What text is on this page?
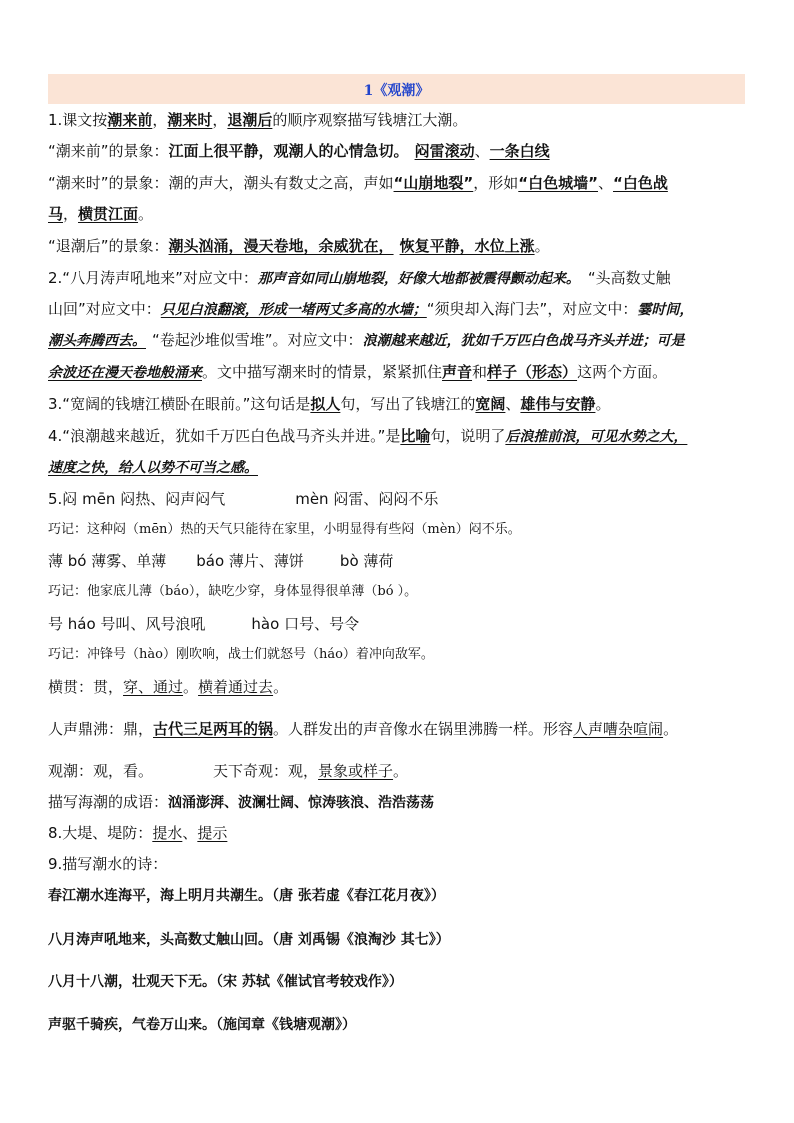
1《观潮》
1.课文按潮来前，潮来时，退潮后的顺序观察描写钱塘江大潮。
“潮来前”的景象：江面上很平静，观潮人的心情急切。 闷雷滚动、一条白线
“潮来时”的景象：潮的声大，潮头有数丈之高，声如“山崩地裂”，形如“白色城墙”、“白色战
马，横贯江面。
“退潮后”的景象：潮头汹涌，漫天卷地，余威犹在， 恢复平静，水位上涨。
2.“八月涛声吼地来”对应文中：那声音如同山崩地裂，好像大地都被震得颤动起来。 “头高数丈触
山回”对应文中：只见白浪翻滚，形成一堵两丈多高的水墙；“须臾却入海门去”，对应文中：霎时间，
潮头奔腾西去。 “卷起沙堆似雪堆”。对应文中：浪潮越来越近，犹如千万匹白色战马齐头并进；可是
余波还在漫天卷地般涌来。文中描写潮来时的情景，紧紧抓住声音和样子（形态）这两个方面。
3.“宽阔的钱塘江横卧在眼前。”这句话是拟人句，写出了钱塘江的宽阔、雄伟与安静。
4.“浪潮越来越近，犹如千万匹白色战马齐头并进。”是比喻句，说明了后浪推前浪，可见水势之大，
速度之快，给人以势不可当之感。
5.闷 mēn 闷热、闷声闷气	mèn 闷雷、闷闷不乐
巧记：这种闷（mēn）热的天气只能待在家里，小明显得有些闷（mèn）闷不乐。
薄 bó 薄雾、单薄 báo 薄片、薄饼 bò 薄荷
巧记：他家底儿薄（báo），缺吃少穿，身体显得很单薄（bó ）。
号 háo 号叫、风号浪吼	hào 口号、号令
巧记：冲锋号（hào）刚吹响，战士们就怒号（háo）着冲向敌军。
横贯：贯，穿、通过。横着通过去。
人声鼎沸：鼎，古代三足两耳的锅。人群发出的声音像水在锅里沸腾一样。形容人声嘈杂喧闹。
观潮：观，看。	天下奇观：观，景象或样子。
描写海潮的成语：汹涌澎湃、波澜壮阔、惊涛骇浪、浩浩荡荡
8.大堤、堤防：提水、提示
9.描写潮水的诗：
春江潮水连海平，海上明月共潮生。（唐 张若虚《春江花月夜》）
八月涛声吼地来，头高数丈触山回。（唐 刘禹锡《浪淘沙 其七》）
八月十八潮，壮观天下无。（宋 苏轼《催试官考较戏作》）
声驱千骑疾，气卷万山来。（施闰章《钱塘观潮》）
